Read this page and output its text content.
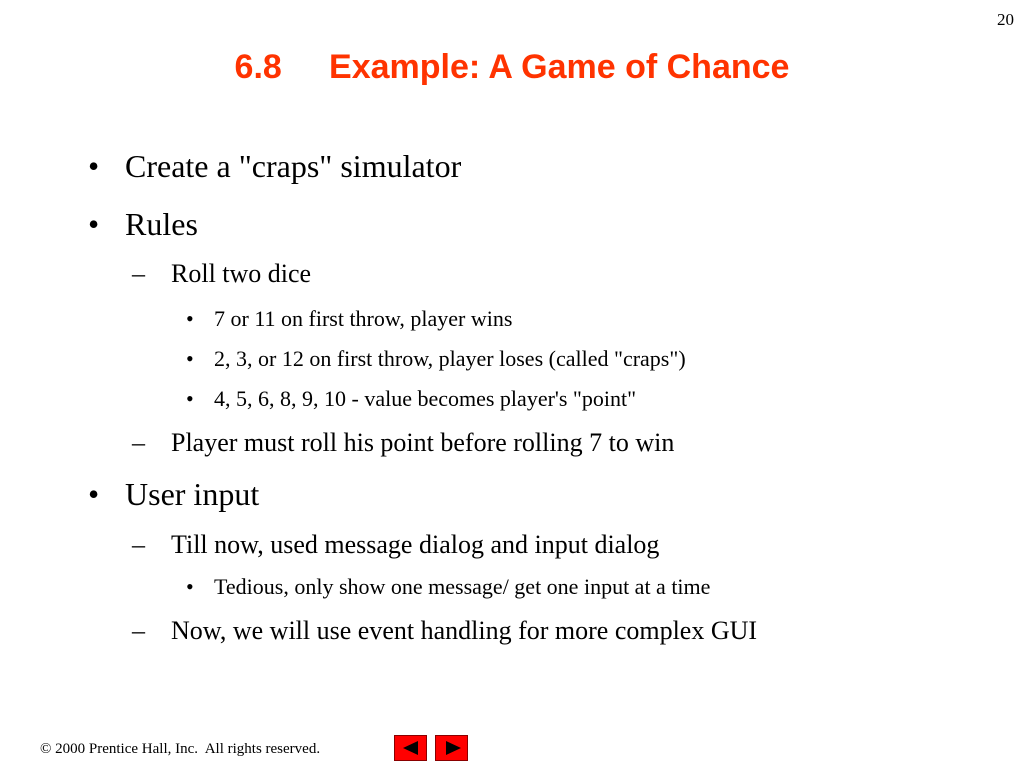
20
6.8     Example: A Game of Chance
• Create a "craps" simulator
• Rules
– Roll two dice
• 7 or 11 on first throw, player wins
• 2, 3, or 12 on first throw, player loses (called "craps")
• 4, 5, 6, 8, 9, 10 - value becomes player's "point"
– Player must roll his point before rolling 7 to win
• User input
– Till now, used message dialog and input dialog
• Tedious, only show one message/ get one input at a time
– Now, we will use event handling for more complex GUI
© 2000 Prentice Hall, Inc.  All rights reserved.
